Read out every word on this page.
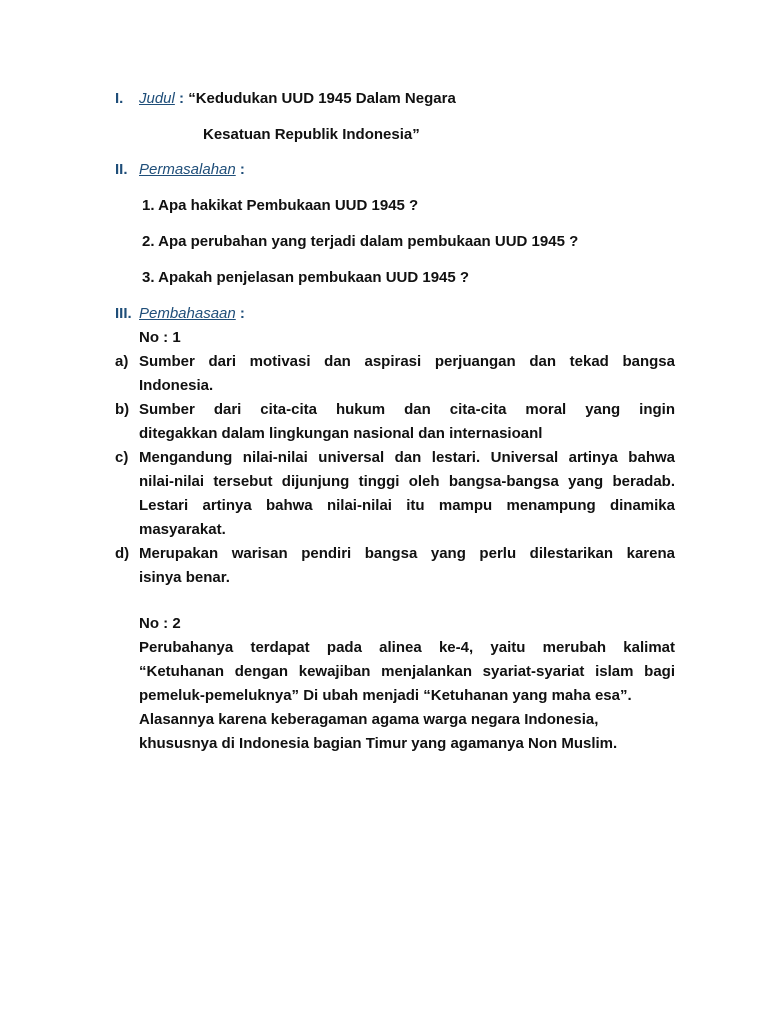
I. Judul : “Kedudukan UUD 1945 Dalam Negara
Kesatuan Republik Indonesia”
II. Permasalahan :
1. Apa hakikat Pembukaan UUD 1945 ?
2. Apa perubahan yang terjadi dalam pembukaan UUD 1945 ?
3. Apakah penjelasan pembukaan UUD 1945 ?
III. Pembahasaan :
No : 1
a) Sumber dari motivasi dan aspirasi perjuangan dan tekad bangsa
Indonesia.
b) Sumber dari cita-cita hukum dan cita-cita moral yang ingin
ditegakkan dalam lingkungan nasional dan internasioanl
c) Mengandung nilai-nilai universal dan lestari. Universal artinya bahwa
nilai-nilai tersebut dijunjung tinggi oleh bangsa-bangsa yang beradab.
Lestari artinya bahwa nilai-nilai itu mampu menampung dinamika
masyarakat.
d) Merupakan warisan pendiri bangsa yang perlu dilestarikan karena
isinya benar.
No : 2
Perubahanya terdapat pada alinea ke-4, yaitu merubah kalimat
“Ketuhanan dengan kewajiban menjalankan syariat-syariat islam bagi
pemeluk-pemeluknya” Di ubah menjadi “Ketuhanan yang maha esa”.
Alasannya karena keberagaman agama warga negara Indonesia,
khususnya di Indonesia bagian Timur yang agamanya Non Muslim.
